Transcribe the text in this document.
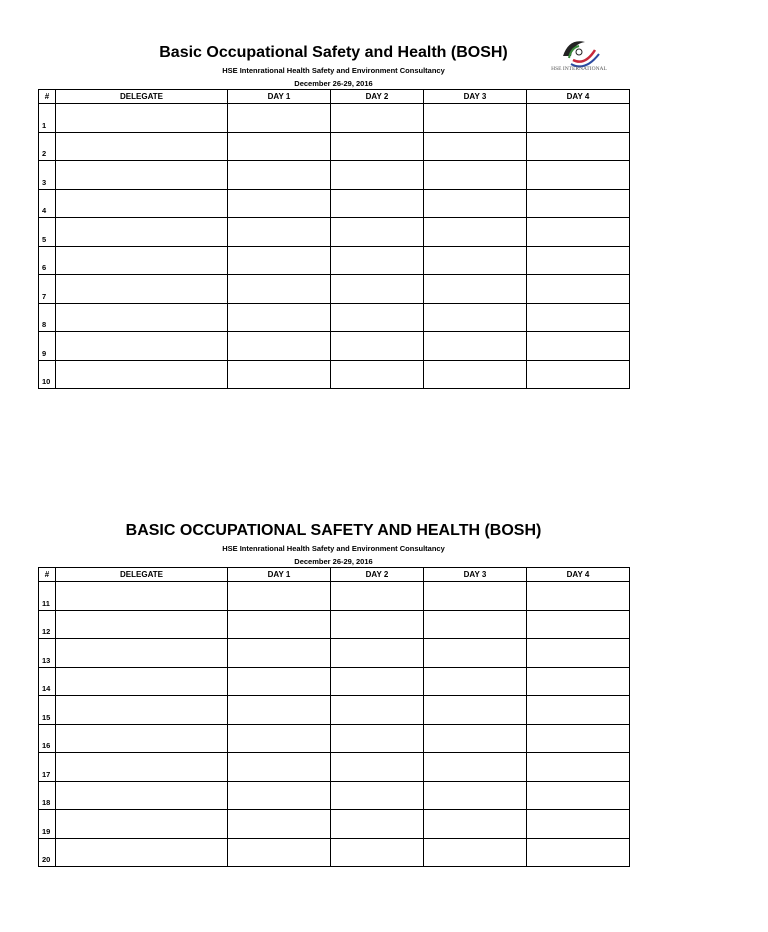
Basic Occupational Safety and Health (BOSH)
HSE Intenrational Health Safety and Environment Consultancy
December 26-29, 2016
HSE INTERNATIONAL
#	DELEGATE	DAY 1	DAY 2	DAY 3	DAY 4
1					
2					
3					
4					
5					
6					
7					
8					
9					
10					
BASIC OCCUPATIONAL SAFETY AND HEALTH (BOSH)
HSE Intenrational Health Safety and Environment Consultancy
December 26-29, 2016
#	DELEGATE	DAY 1	DAY 2	DAY 3	DAY 4
11					
12					
13					
14					
15					
16					
17					
18					
19					
20					
